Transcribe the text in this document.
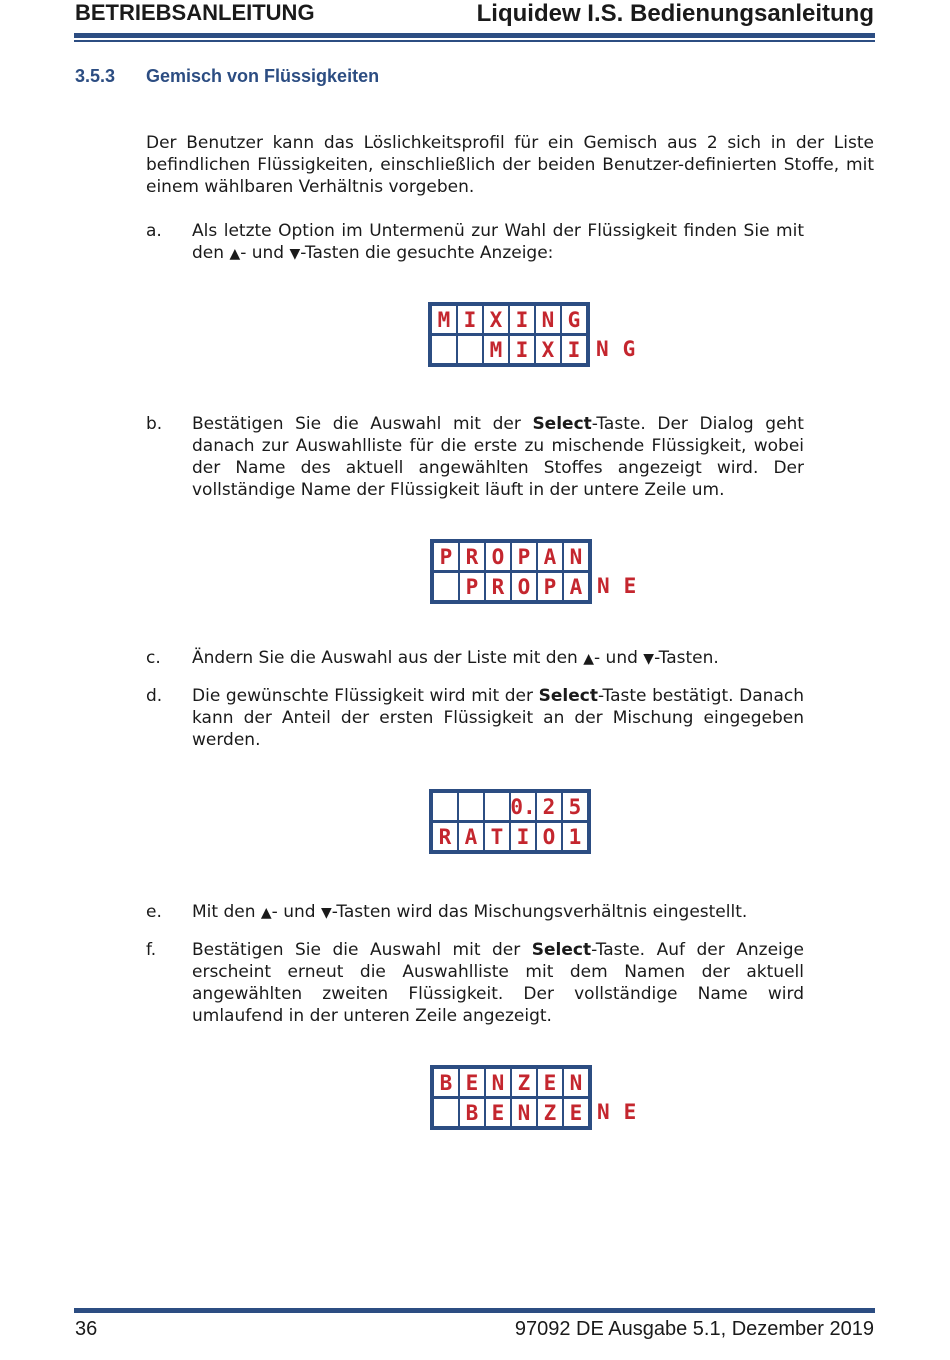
BETRIEBSANLEITUNG	Liquidew I.S. Bedienungsanleitung
3.5.3 Gemisch von Flüssigkeiten
Der Benutzer kann das Löslichkeitsprofil für ein Gemisch aus 2 sich in der Liste befindlichen Flüssigkeiten, einschließlich der beiden Benutzer-definierten Stoffe, mit einem wählbaren Verhältnis vorgeben.
a. Als letzte Option im Untermenü zur Wahl der Flüssigkeit finden Sie mit den ▲- und ▼-Tasten die gesuchte Anzeige:
M I X I N G
M I X I NG
b. Bestätigen Sie die Auswahl mit der Select-Taste. Der Dialog geht danach zur Auswahlliste für die erste zu mischende Flüssigkeit, wobei der Name des aktuell angewählten Stoffes angezeigt wird. Der vollständige Name der Flüssigkeit läuft in der untere Zeile um.
P R O P A N
P R O P A NE
c. Ändern Sie die Auswahl aus der Liste mit den ▲- und ▼-Tasten.
d. Die gewünschte Flüssigkeit wird mit der Select-Taste bestätigt. Danach kann der Anteil der ersten Flüssigkeit an der Mischung eingegeben werden.
0. 2 5
R A T I O 1
e. Mit den ▲- und ▼-Tasten wird das Mischungsverhältnis eingestellt.
f. Bestätigen Sie die Auswahl mit der Select-Taste. Auf der Anzeige erscheint erneut die Auswahlliste mit dem Namen der aktuell angewählten zweiten Flüssigkeit. Der vollständige Name wird umlaufend in der unteren Zeile angezeigt.
B E N Z E N
B E N Z E NE
36	97092 DE Ausgabe 5.1, Dezember 2019
